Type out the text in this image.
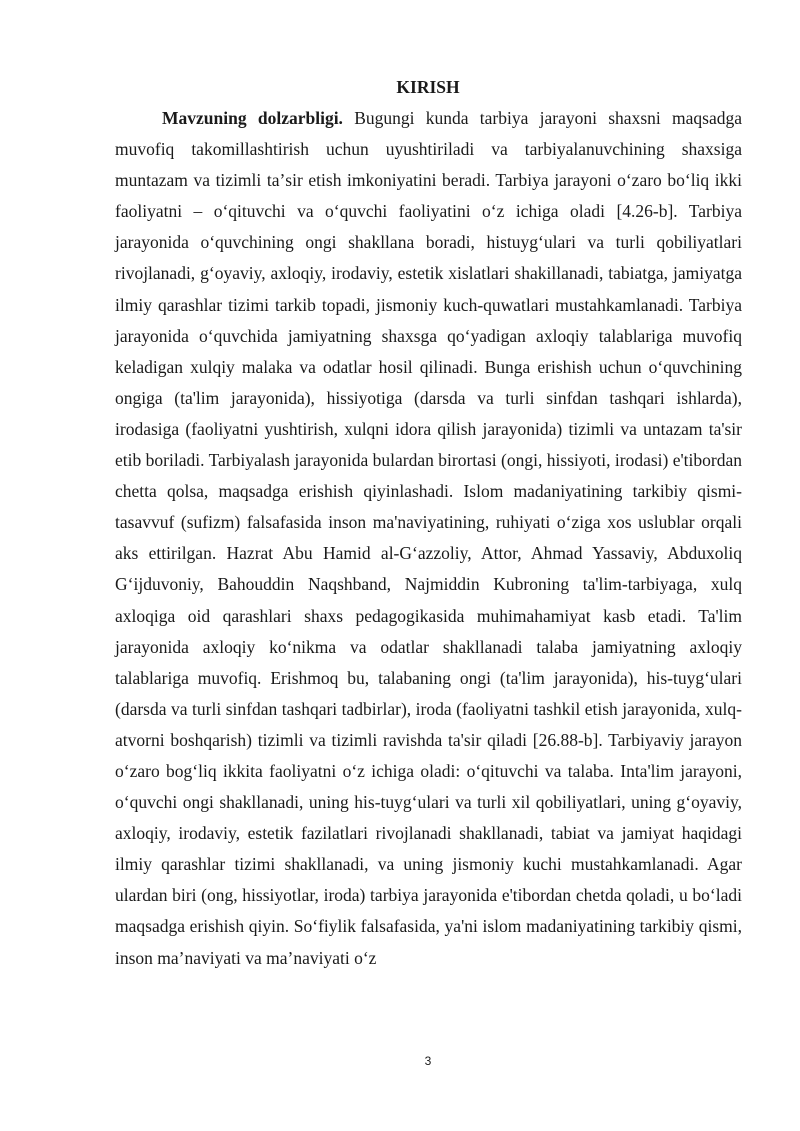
KIRISH

Mavzuning dolzarbligi. Bugungi kunda tarbiya jarayoni shaxsni maqsadga muvofiq takomillashtirish uchun uyushtiriladi va tarbiyalanuvchining shaxsiga muntazam va tizimli taʼsir etish imkoniyatini beradi. Tarbiya jarayoni oʻzaro boʻliq ikki faoliyatni – oʻqituvchi va oʻquvchi faoliyatini oʻz ichiga oladi [4.26-b]. Tarbiya jarayonida oʻquvchining ongi shakllana boradi, histuygʻulari va turli qobiliyatlari rivojlanadi, gʻoyaviy, axloqiy, irodaviy, estetik xislatlari shakillanadi, tabiatga, jamiyatga ilmiy qarashlar tizimi tarkib topadi, jismoniy kuch-quwatlari mustahkamlanadi. Tarbiya jarayonida oʻquvchida jamiyatning shaxsga qoʻyadigan axloqiy talablariga muvofiq keladigan xulqiy malaka va odatlar hosil qilinadi. Bunga erishish uchun oʻquvchining ongiga (ta'lim jarayonida), hissiyotiga (darsda va turli sinfdan tashqari ishlarda), irodasiga (faoliyatni yushtirish, xulqni idora qilish jarayonida) tizimli va untazam ta'sir etib boriladi. Tarbiyalash jarayonida bulardan birortasi (ongi, hissiyoti, irodasi) e'tibordan chetta qolsa, maqsadga erishish qiyinlashadi. Islom madaniyatining tarkibiy qismi-tasavvuf (sufizm) falsafasida inson ma'naviyatining, ruhiyati oʻziga xos uslublar orqali aks ettirilgan. Hazrat Abu Hamid al-Gʻazzoliy, Attor, Ahmad Yassaviy, Abduxoliq Gʻijduvoniy, Bahouddin Naqshband, Najmiddin Kubroning ta'lim-tarbiyaga, xulq axloqiga oid qarashlari shaxs pedagogikasida muhimahamiyat kasb etadi. Ta'lim jarayonida axloqiy koʻnikma va odatlar shakllanadi talaba jamiyatning axloqiy talablariga muvofiq. Erishmoq bu, talabaning ongi (ta'lim jarayonida), his-tuygʻulari (darsda va turli sinfdan tashqari tadbirlar), iroda (faoliyatni tashkil etish jarayonida, xulq-atvorni boshqarish) tizimli va tizimli ravishda ta'sir qiladi [26.88-b]. Tarbiyaviy jarayon oʻzaro bogʻliq ikkita faoliyatni oʻz ichiga oladi: oʻqituvchi va talaba. Inta'lim jarayoni, oʻquvchi ongi shakllanadi, uning his-tuygʻulari va turli xil qobiliyatlari, uning gʻoyaviy, axloqiy, irodaviy, estetik fazilatlari rivojlanadi shakllanadi, tabiat va jamiyat haqidagi ilmiy qarashlar tizimi shakllanadi, va uning jismoniy kuchi mustahkamlanadi. Agar ulardan biri (ong, hissiyotlar, iroda) tarbiya jarayonida e'tibordan chetda qoladi, u boʻladi maqsadga erishish qiyin. Soʻfiylik falsafasida, ya'ni islom madaniyatining tarkibiy qismi, inson maʼnaviyati va maʼnaviyati oʻz

3
